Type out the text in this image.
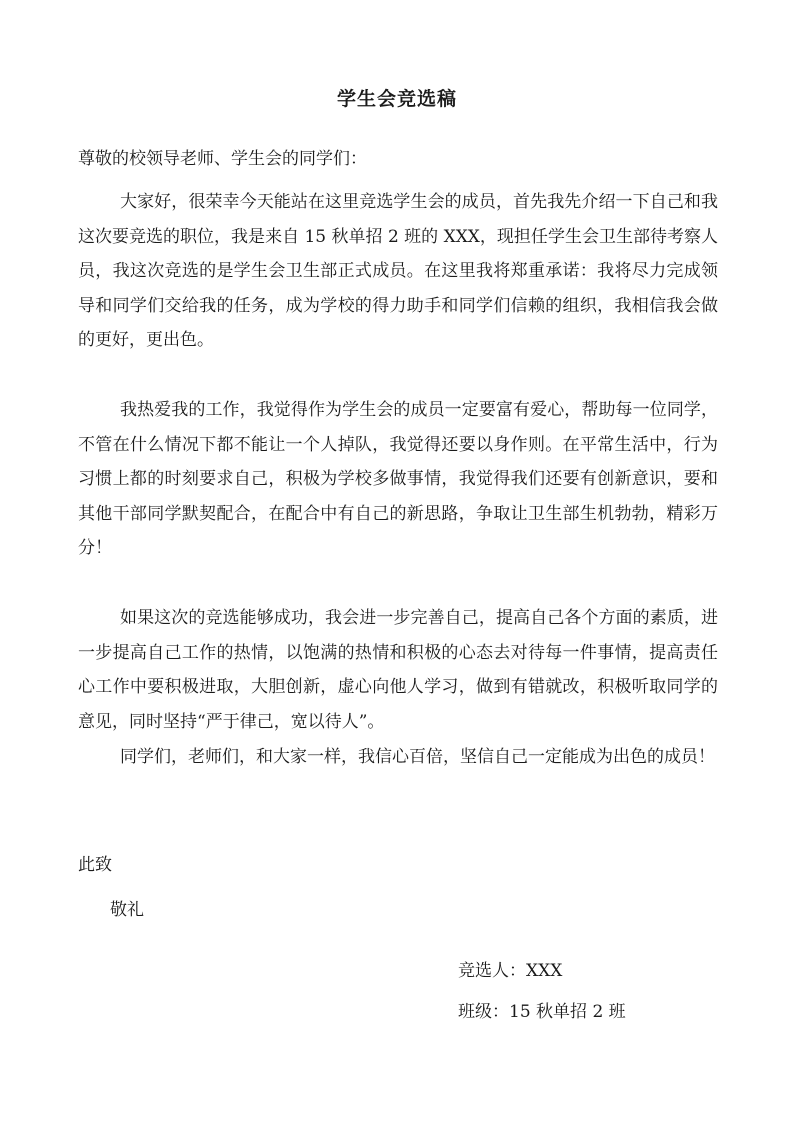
学生会竞选稿
尊敬的校领导老师、学生会的同学们：

大家好，很荣幸今天能站在这里竞选学生会的成员，首先我先介绍一下自己和我这次要竞选的职位，我是来自 15 秋单招 2 班的 XXX，现担任学生会卫生部待考察人员，我这次竞选的是学生会卫生部正式成员。在这里我将郑重承诺：我将尽力完成领导和同学们交给我的任务，成为学校的得力助手和同学们信赖的组织，我相信我会做的更好，更出色。

我热爱我的工作，我觉得作为学生会的成员一定要富有爱心，帮助每一位同学，不管在什么情况下都不能让一个人掉队，我觉得还要以身作则。在平常生活中，行为习惯上都的时刻要求自己，积极为学校多做事情，我觉得我们还要有创新意识，要和其他干部同学默契配合，在配合中有自己的新思路，争取让卫生部生机勃勃，精彩万分！

如果这次的竞选能够成功，我会进一步完善自己，提高自己各个方面的素质，进一步提高自己工作的热情，以饱满的热情和积极的心态去对待每一件事情，提高责任心工作中要积极进取，大胆创新，虚心向他人学习，做到有错就改，积极听取同学的意见，同时坚持“严于律己，宽以待人”。

同学们，老师们，和大家一样，我信心百倍，坚信自己一定能成为出色的成员！

此致
敬礼
竞选人：XXX
班级：15 秋单招 2 班
